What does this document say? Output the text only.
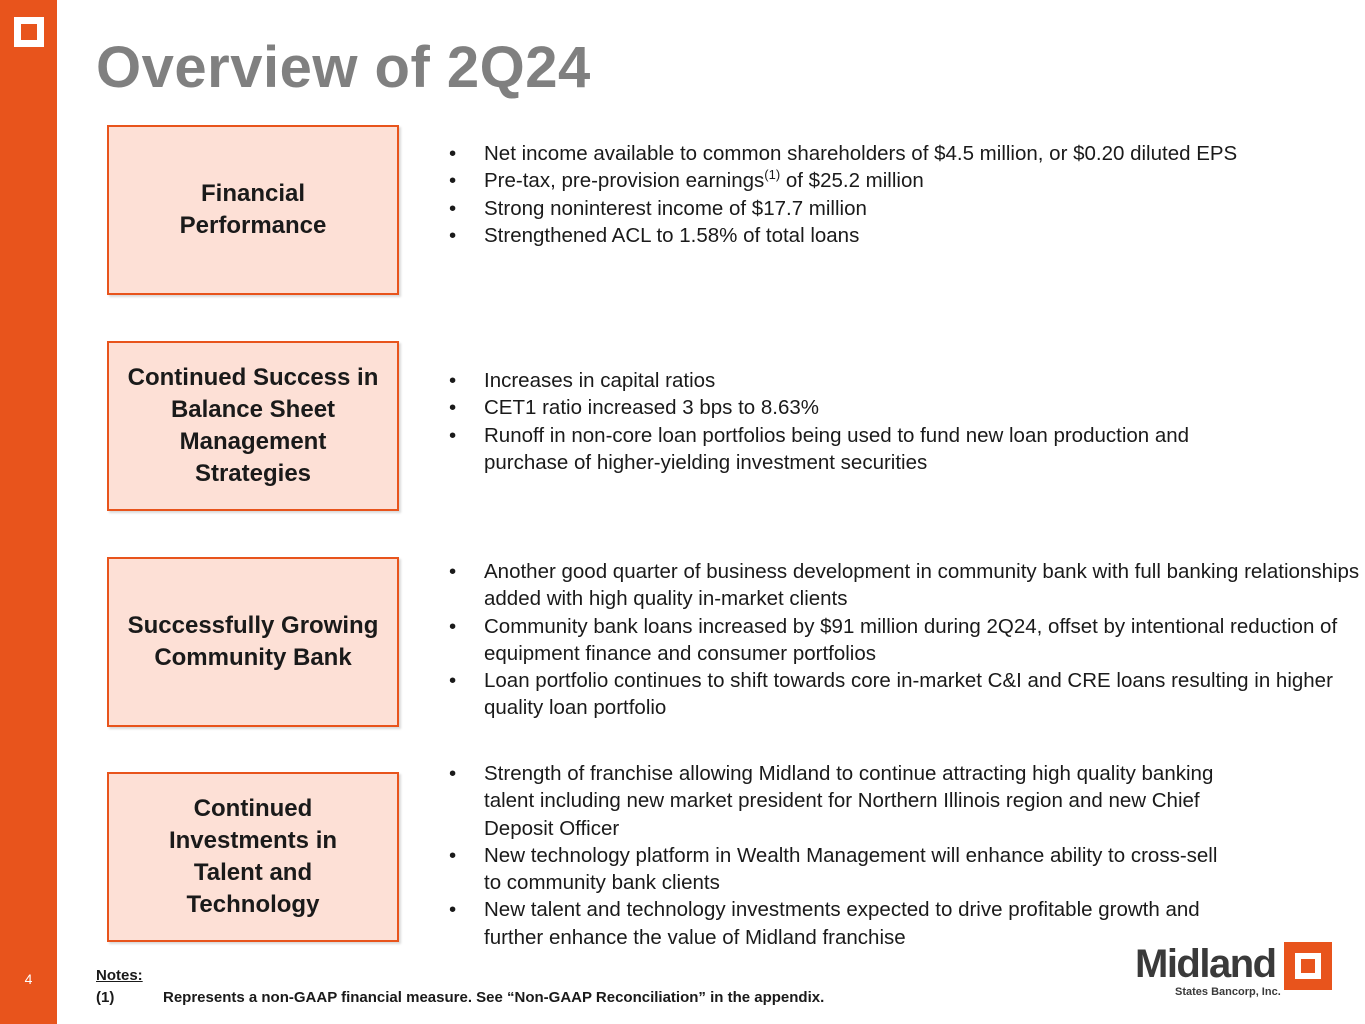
4
Overview of 2Q24
Financial Performance
• Net income available to common shareholders of $4.5 million, or $0.20 diluted EPS
• Pre-tax, pre-provision earnings$^{(1)}$ of $25.2 million
• Strong noninterest income of $17.7 million
• Strengthened ACL to 1.58% of total loans
Continued Success in Balance Sheet Management Strategies
• Increases in capital ratios
• CET1 ratio increased 3 bps to 8.63%
• Runoff in non-core loan portfolios being used to fund new loan production and purchase of higher-yielding investment securities
Successfully Growing Community Bank
• Another good quarter of business development in community bank with full banking relationships added with high quality in-market clients
• Community bank loans increased by $91 million during 2Q24, offset by intentional reduction of equipment finance and consumer portfolios
• Loan portfolio continues to shift towards core in-market C&I and CRE loans resulting in higher quality loan portfolio
Continued Investments in Talent and Technology
• Strength of franchise allowing Midland to continue attracting high quality banking talent including new market president for Northern Illinois region and new Chief Deposit Officer
• New technology platform in Wealth Management will enhance ability to cross-sell to community bank clients
• New talent and technology investments expected to drive profitable growth and further enhance the value of Midland franchise
Notes:
(1)	Represents a non-GAAP financial measure. See “Non-GAAP Reconciliation” in the appendix.
Midland
States Bancorp, Inc.
